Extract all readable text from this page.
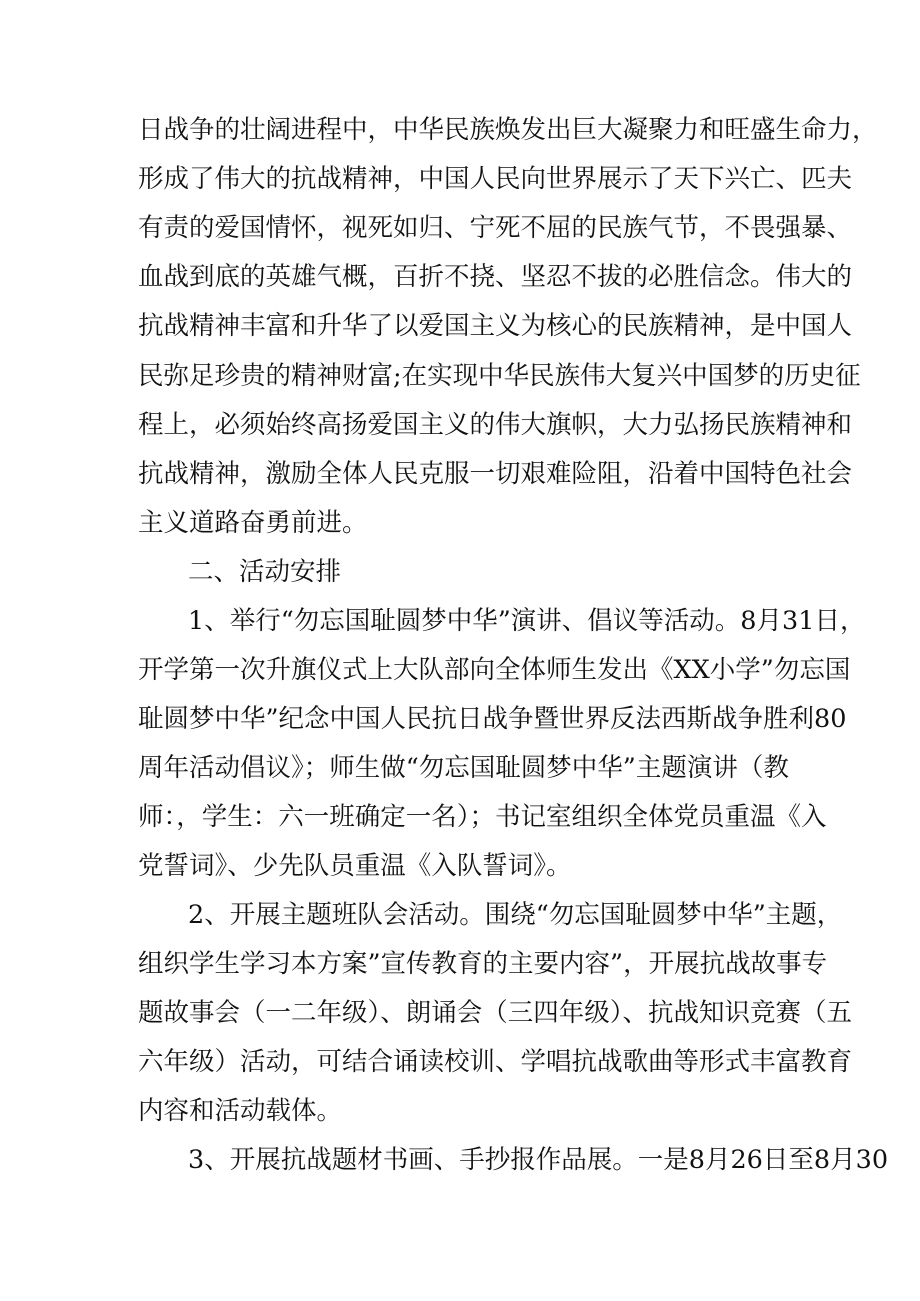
日战争的壮阔进程中，中华民族焕发出巨大凝聚力和旺盛生命力，
形成了伟大的抗战精神，中国人民向世界展示了天下兴亡、匹夫
有责的爱国情怀，视死如归、宁死不屈的民族气节，不畏强暴、
血战到底的英雄气概，百折不挠、坚忍不拔的必胜信念。伟大的
抗战精神丰富和升华了以爱国主义为核心的民族精神，是中国人
民弥足珍贵的精神财富;在实现中华民族伟大复兴中国梦的历史征
程上，必须始终高扬爱国主义的伟大旗帜，大力弘扬民族精神和
抗战精神，激励全体人民克服一切艰难险阻，沿着中国特色社会
主义道路奋勇前进。
二、活动安排
1、举行“勿忘国耻圆梦中华”演讲、倡议等活动。8月31日，
开学第一次升旗仪式上大队部向全体师生发出《XX小学”勿忘国
耻圆梦中华”纪念中国人民抗日战争暨世界反法西斯战争胜利80
周年活动倡议》；师生做“勿忘国耻圆梦中华”主题演讲（教
师：，学生：六一班确定一名）；书记室组织全体党员重温《入
党誓词》、少先队员重温《入队誓词》。
2、开展主题班队会活动。围绕“勿忘国耻圆梦中华”主题，
组织学生学习本方案”宣传教育的主要内容”，开展抗战故事专
题故事会（一二年级）、朗诵会（三四年级）、抗战知识竞赛（五
六年级）活动，可结合诵读校训、学唱抗战歌曲等形式丰富教育
内容和活动载体。
3、开展抗战题材书画、手抄报作品展。一是8月26日至8月30
